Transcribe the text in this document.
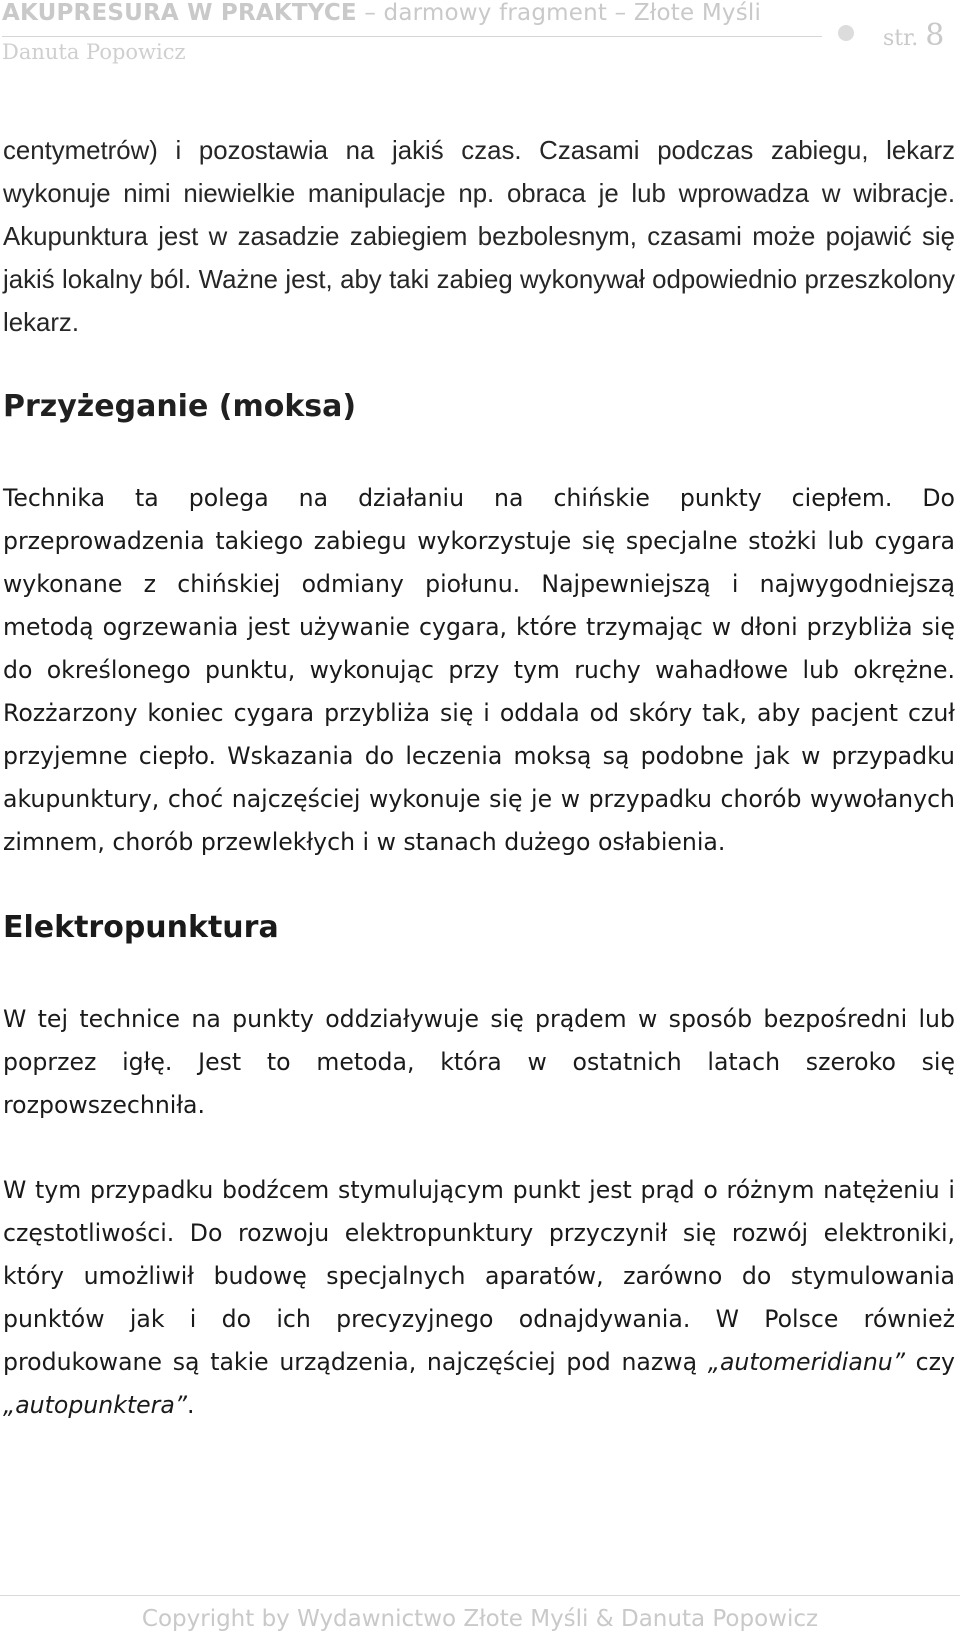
AKUPRESURA W PRAKTYCE – darmowy fragment – Złote Myśli
Danuta Popowicz
str. 8

centymetrów) i pozostawia na jakiś czas. Czasami podczas zabiegu, lekarz wykonuje nimi niewielkie manipulacje np. obraca je lub wprowadza w wibracje. Akupunktura jest w zasadzie zabiegiem bezbolesnym, czasami może pojawić się jakiś lokalny ból. Ważne jest, aby taki zabieg wykonywał odpowiednio przeszkolony lekarz.

Przyżeganie (moksa)

Technika ta polega na działaniu na chińskie punkty ciepłem. Do przeprowadzenia takiego zabiegu wykorzystuje się specjalne stożki lub cygara wykonane z chińskiej odmiany piołunu. Najpewniejszą i najwygodniejszą metodą ogrzewania jest używanie cygara, które trzymając w dłoni przybliża się do określonego punktu, wykonując przy tym ruchy wahadłowe lub okrężne. Rozżarzony koniec cygara przybliża się i oddala od skóry tak, aby pacjent czuł przyjemne ciepło. Wskazania do leczenia moksą są podobne jak w przypadku akupunktury, choć najczęściej wykonuje się je w przypadku chorób wywołanych zimnem, chorób przewlekłych i w stanach dużego osłabienia.

Elektropunktura

W tej technice na punkty oddziaływuje się prądem w sposób bezpośredni lub poprzez igłę. Jest to metoda, która w ostatnich latach szeroko się rozpowszechniła.

W tym przypadku bodźcem stymulującym punkt jest prąd o różnym natężeniu i częstotliwości. Do rozwoju elektropunktury przyczynił się rozwój elektroniki, który umożliwił budowę specjalnych aparatów, zarówno do stymulowania punktów jak i do ich precyzyjnego odnajdywania. W Polsce również produkowane są takie urządzenia, najczęściej pod nazwą „automeridianu” czy „autopunktera”.

Copyright by Wydawnictwo Złote Myśli & Danuta Popowicz
